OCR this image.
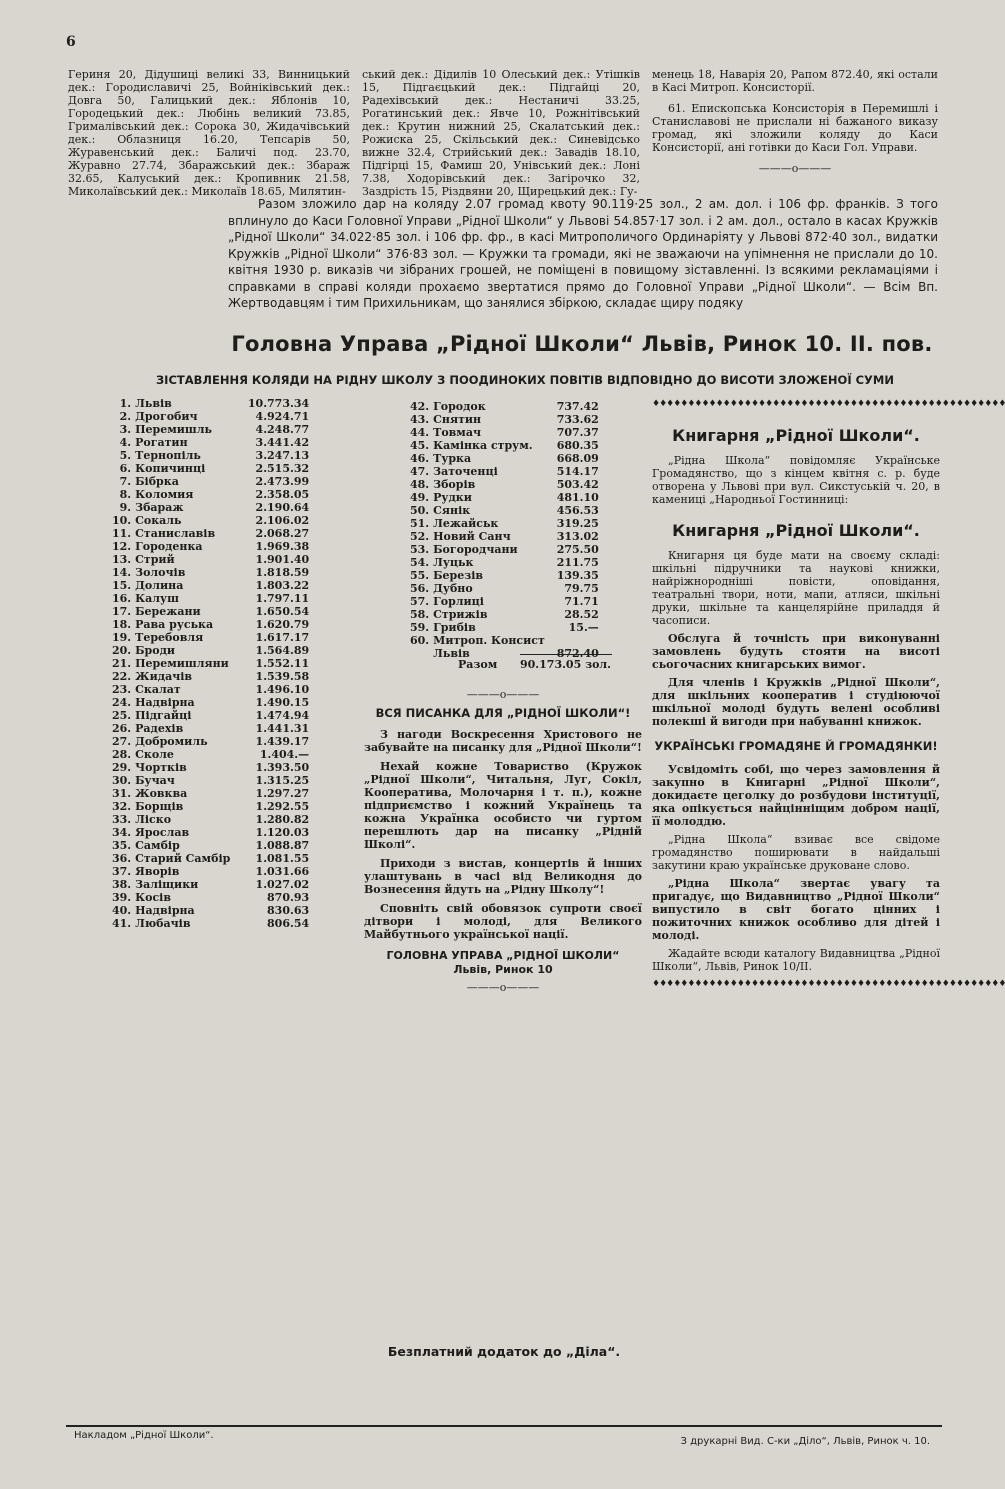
6
Гериня 20, Дідушиці великі 33, Винницький дек.: Городиславичі 25, Войніківський дек.: Довга 50, Галицький дек.: Яблонів 10, Городецький дек.: Любінь великий 73.85, Грималівський дек.: Сорока 30, Жидачівський дек.: Облазниця 16.20, Тепсарів 50, Журавенський дек.: Баличі под. 23.70, Журавно 27.74, Збаражський дек.: Збараж 32.65, Калуський дек.: Кропивник 21.58, Миколаївський дек.: Миколаїв 18.65, Милятин-
ський дек.: Дідилів 10 Олеський дек.: Утішків 15, Підгаєцький дек.: Підгайці 20, Радехівський дек.: Нестаничі 33.25, Рогатинський дек.: Явче 10, Рожнітівський дек.: Крутин нижний 25, Скалатський дек.: Рожиска 25, Скільський дек.: Синевідсько вижне 32.4, Стрийський дек.: Завадів 18.10, Підгірці 15, Фамиш 20, Унівський дек.: Лоні 7.38, Ходорівський дек.: Загірочко 32, Заздрість 15, Різдвяни 20, Щирецький дек.: Гу-

менець 18, Наварія 20, Рапом 872.40, які остали в Касі Митроп. Консисторії.

61. Епископська Консисторія в Перемишлі і Станиславові не прислали ні бажаного виказу громад, які зложили коляду до Каси Консисторії, ані готівки до Каси Гол. Управи.

———o———
Разом зложило дар на коляду 2.07 громад квоту 90.119·25 зол., 2 ам. дол. і 106 фр. франків. З того вплинуло до Каси Головної Управи „Рідної Школи“ у Львові 54.857·17 зол. і 2 ам. дол., остало в касах Кружків „Рідної Школи“ 34.022·85 зол. і 106 фр. фр., в касі Митрополичого Ординаріяту у Львові 872·40 зол., видатки Кружків „Рідної Школи“ 376·83 зол. — Кружки та громади, які не зважаючи на упімнення не прислали до 10. квітня 1930 р. виказів чи зібраних грошей, не поміщені в повищому зіставленні. Із всякими рекламаціями і справками в справі коляди прохаємо звертатися прямо до Головної Управи „Рідної Школи“. — Всім Вп. Жертводавцям і тим Прихильникам, що занялися збіркою, складає щиру подяку
Головна Управа „Рідної Школи“ Львів, Ринок 10. II. пов.
ЗІСТАВЛЕННЯ КОЛЯДИ НА РІДНУ ШКОЛУ З ПООДИНОКИХ ПОВІТІВ ВІДПОВІДНО ДО ВИСОТИ ЗЛОЖЕНОЇ СУМИ
1.	Львів	10.773.34
2.	Дрогобич	4.924.71
3.	Перемишль	4.248.77
4.	Рогатин	3.441.42
5.	Тернопіль	3.247.13
6.	Копичинці	2.515.32
7.	Бібрка	2.473.99
8.	Коломия	2.358.05
9.	Збараж	2.190.64
10.	Сокаль	2.106.02
11.	Станиславів	2.068.27
12.	Городенка	1.969.38
13.	Стрий	1.901.40
14.	Золочів	1.818.59
15.	Долина	1.803.22
16.	Калуш	1.797.11
17.	Бережани	1.650.54
18.	Рава руська	1.620.79
19.	Теребовля	1.617.17
20.	Броди	1.564.89
21.	Перемишляни	1.552.11
22.	Жидачів	1.539.58
23.	Скалат	1.496.10
24.	Надвірна	1.490.15
25.	Підгайці	1.474.94
26.	Радехів	1.441.31
27.	Добромиль	1.439.17
28.	Сколе	1.404.—
29.	Чортків	1.393.50
30.	Бучач	1.315.25
31.	Жовква	1.297.27
32.	Борщів	1.292.55
33.	Ліско	1.280.82
34.	Ярослав	1.120.03
35.	Самбір	1.088.87
36.	Старий Самбір	1.081.55
37.	Яворів	1.031.66
38.	Заліщики	1.027.02
39.	Косів	870.93
40.	Надвірна	830.63
41.	Любачів	806.54
42.	Городок	737.42
43.	Снятин	733.62
44.	Товмач	707.37
45.	Камінка струм.	680.35
46.	Турка	668.09
47.	Заточенці	514.17
48.	Зборів	503.42
49.	Рудки	481.10
50.	Сянік	456.53
51.	Лежайськ	319.25
52.	Новий Санч	313.02
53.	Богородчани	275.50
54.	Луцьк	211.75
55.	Березів	139.35
56.	Дубно	79.75
57.	Горлиці	71.71
58.	Стрижів	28.52
59.	Грибів	15.—
60.	Митроп. Консист	
	Львів	872.40
Разом 90.173.05 зол.
———o———
ВСЯ ПИСАНКА ДЛЯ „РІДНОЇ ШКОЛИ“!

З нагоди Воскресення Христового не забувайте на писанку для „Рідної Школи“!

Нехай кожне Товариство (Кружок „Рідної Школи“, Читальня, Луг, Сокіл, Кооператива, Молочарня і т. п.), кожне підприємство і кожний Українець та кожна Українка особисто чи гуртом перешлють дар на писанку „Рідній Школі“.

Приходи з вистав, концертів й інших улаштувань в часі від Великодня до Вознесення йдуть на „Рідну Школу“!

Сповніть свій обовязок супроти своєї дітвори і молоді, для Великого Майбутнього української нації.

ГОЛОВНА УПРАВА „РІДНОЇ ШКОЛИ“
Львів, Ринок 10
———o———
♦♦♦♦♦♦♦♦♦♦♦♦♦♦♦♦♦♦♦♦♦♦♦♦♦♦♦♦♦♦♦♦♦♦♦♦♦♦♦♦♦♦♦♦♦♦♦♦♦♦
Книгарня „Рідної Школи“.

„Рідна Школа“ повідомляє Українське Громадянство, що з кінцем квітня с. р. буде отворена у Львові при вул. Сикстуській ч. 20, в камениці „Народньої Гостинниці:

Книгарня „Рідної Школи“.

Книгарня ця буде мати на своєму складі: шкільні підручники та наукові книжки, найріжнородніші повісти, оповідання, театральні твори, ноти, мапи, атляси, шкільні друки, шкільне та канцелярійне приладдя й часописи.

Обслуга й точність при виконуванні замовлень будуть стояти на висоті сьогочасних книгарських вимог.

Для членів і Кружків „Рідної Школи“, для шкільних кооператив і студіюючої шкільної молоді будуть велені особливі полекші й вигоди при набуванні книжок.

УКРАЇНСЬКІ ГРОМАДЯНЕ Й ГРОМАДЯНКИ!

Усвідоміть собі, що через замовлення й закупно в Книгарні „Рідної Школи“, докидаєте цеголку до розбудови інституції, яка опікується найцінніщим добром нації, її молоддю.

„Рідна Школа“ взиває все свідоме громадянство поширювати в найдальші закутини краю українське друковане слово.

„Рідна Школа“ звертає увагу та пригадує, що Видавництво „Рідної Школи“ випустило в світ богато цінних і пожиточних книжок особливо для дітей і молоді.

Жадайте всюди каталогу Видавництва „Рідної Школи“, Львів, Ринок 10/II.

♦♦♦♦♦♦♦♦♦♦♦♦♦♦♦♦♦♦♦♦♦♦♦♦♦♦♦♦♦♦♦♦♦♦♦♦♦♦♦♦♦♦♦♦♦♦♦♦♦♦
Безплатний додаток до „Діла“.
Накладом „Рідної Школи“.
З друкарні Вид. С-ки „Діло“, Львів, Ринок ч. 10.
